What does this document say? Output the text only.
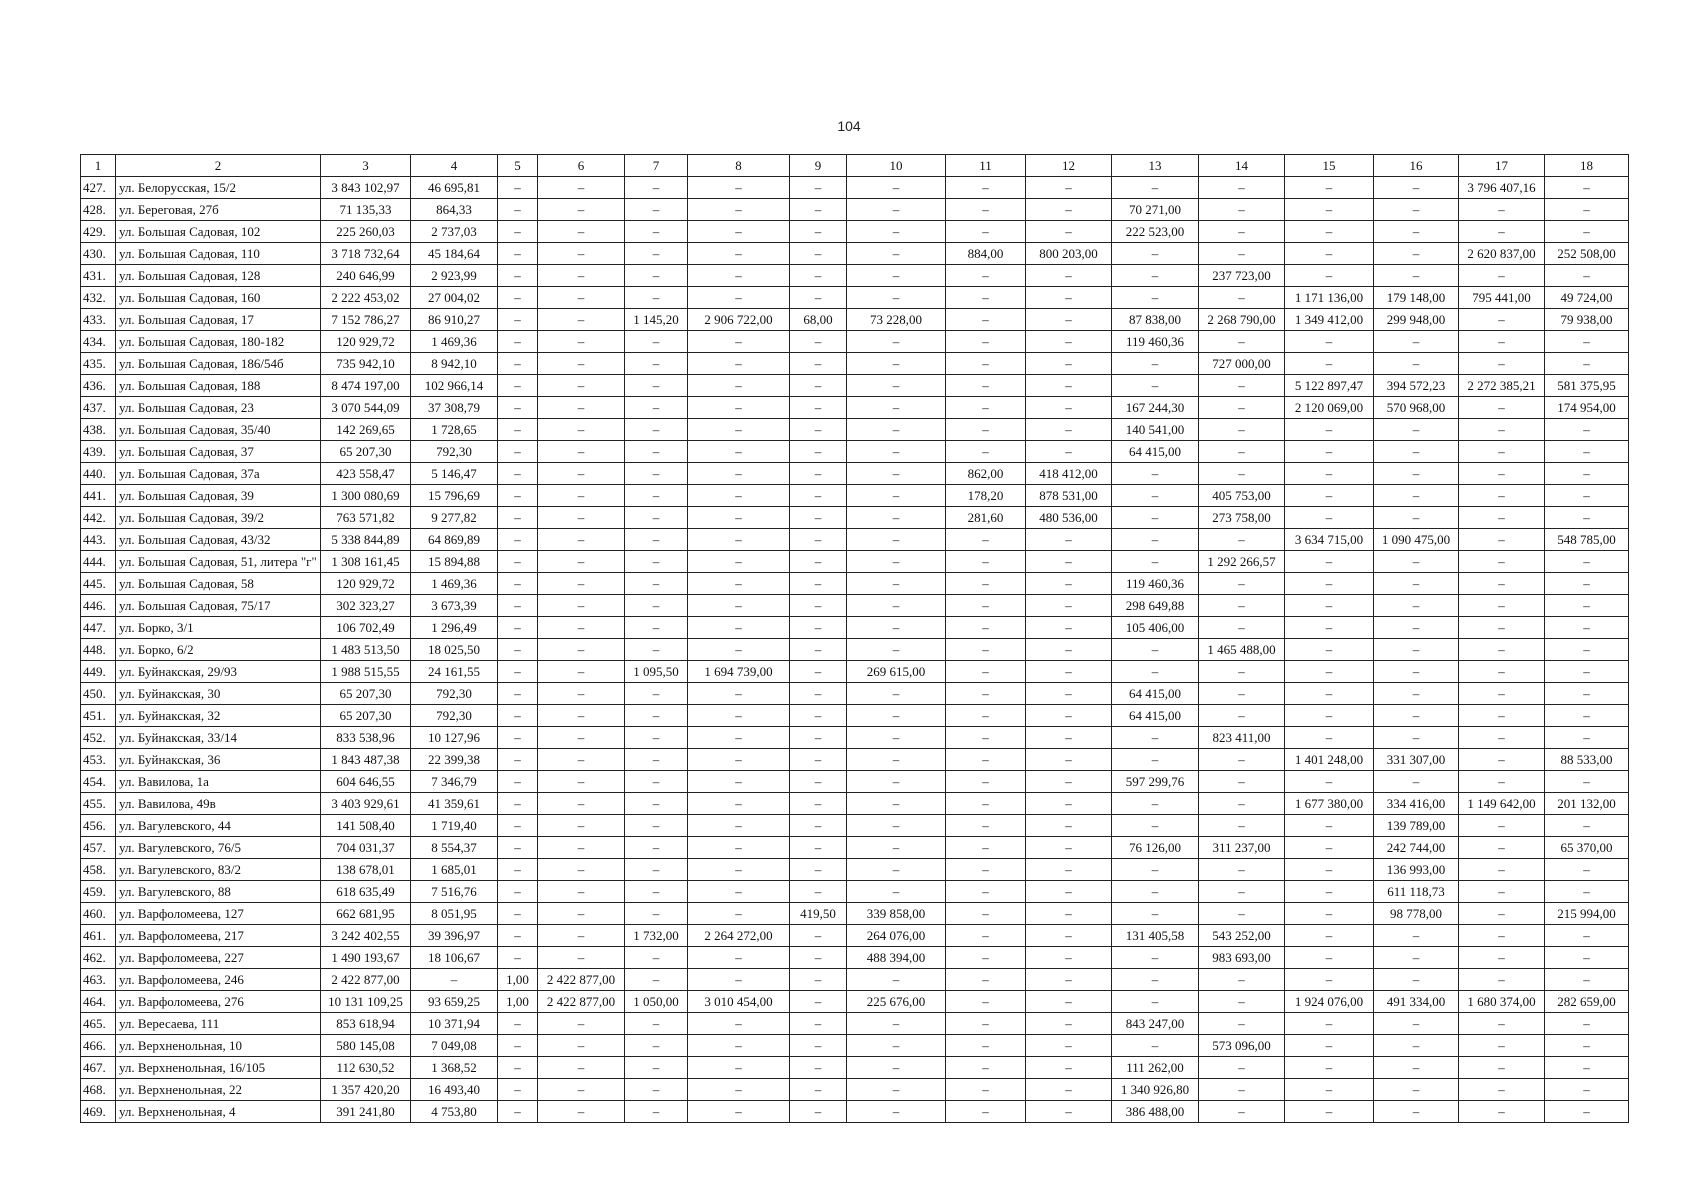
104
1	2	3	4	5	6	7	8	9	10	11	12	13	14	15	16	17	18
427.	ул. Белорусская, 15/2	3 843 102,97	46 695,81	–	–	–	–	–	–	–	–	–	–	–	–	3 796 407,16	–
428.	ул. Береговая, 27б	71 135,33	864,33	–	–	–	–	–	–	–	–	70 271,00	–	–	–	–	–
429.	ул. Большая Садовая, 102	225 260,03	2 737,03	–	–	–	–	–	–	–	–	222 523,00	–	–	–	–	–
430.	ул. Большая Садовая, 110	3 718 732,64	45 184,64	–	–	–	–	–	–	884,00	800 203,00	–	–	–	–	2 620 837,00	252 508,00
431.	ул. Большая Садовая, 128	240 646,99	2 923,99	–	–	–	–	–	–	–	–	–	237 723,00	–	–	–	–
432.	ул. Большая Садовая, 160	2 222 453,02	27 004,02	–	–	–	–	–	–	–	–	–	–	1 171 136,00	179 148,00	795 441,00	49 724,00
433.	ул. Большая Садовая, 17	7 152 786,27	86 910,27	–	–	1 145,20	2 906 722,00	68,00	73 228,00	–	–	87 838,00	2 268 790,00	1 349 412,00	299 948,00	–	79 938,00
434.	ул. Большая Садовая, 180-182	120 929,72	1 469,36	–	–	–	–	–	–	–	–	119 460,36	–	–	–	–	–
435.	ул. Большая Садовая, 186/54б	735 942,10	8 942,10	–	–	–	–	–	–	–	–	–	727 000,00	–	–	–	–
436.	ул. Большая Садовая, 188	8 474 197,00	102 966,14	–	–	–	–	–	–	–	–	–	–	5 122 897,47	394 572,23	2 272 385,21	581 375,95
437.	ул. Большая Садовая, 23	3 070 544,09	37 308,79	–	–	–	–	–	–	–	–	167 244,30	–	2 120 069,00	570 968,00	–	174 954,00
438.	ул. Большая Садовая, 35/40	142 269,65	1 728,65	–	–	–	–	–	–	–	–	140 541,00	–	–	–	–	–
439.	ул. Большая Садовая, 37	65 207,30	792,30	–	–	–	–	–	–	–	–	64 415,00	–	–	–	–	–
440.	ул. Большая Садовая, 37а	423 558,47	5 146,47	–	–	–	–	–	–	862,00	418 412,00	–	–	–	–	–	–
441.	ул. Большая Садовая, 39	1 300 080,69	15 796,69	–	–	–	–	–	–	178,20	878 531,00	–	405 753,00	–	–	–	–
442.	ул. Большая Садовая, 39/2	763 571,82	9 277,82	–	–	–	–	–	–	281,60	480 536,00	–	273 758,00	–	–	–	–
443.	ул. Большая Садовая, 43/32	5 338 844,89	64 869,89	–	–	–	–	–	–	–	–	–	–	3 634 715,00	1 090 475,00	–	548 785,00
444.	ул. Большая Садовая, 51, литера "г"	1 308 161,45	15 894,88	–	–	–	–	–	–	–	–	–	1 292 266,57	–	–	–	–
445.	ул. Большая Садовая, 58	120 929,72	1 469,36	–	–	–	–	–	–	–	–	119 460,36	–	–	–	–	–
446.	ул. Большая Садовая, 75/17	302 323,27	3 673,39	–	–	–	–	–	–	–	–	298 649,88	–	–	–	–	–
447.	ул. Борко, 3/1	106 702,49	1 296,49	–	–	–	–	–	–	–	–	105 406,00	–	–	–	–	–
448.	ул. Борко, 6/2	1 483 513,50	18 025,50	–	–	–	–	–	–	–	–	–	1 465 488,00	–	–	–	–
449.	ул. Буйнакская, 29/93	1 988 515,55	24 161,55	–	–	1 095,50	1 694 739,00	–	269 615,00	–	–	–	–	–	–	–	–
450.	ул. Буйнакская, 30	65 207,30	792,30	–	–	–	–	–	–	–	–	64 415,00	–	–	–	–	–
451.	ул. Буйнакская, 32	65 207,30	792,30	–	–	–	–	–	–	–	–	64 415,00	–	–	–	–	–
452.	ул. Буйнакская, 33/14	833 538,96	10 127,96	–	–	–	–	–	–	–	–	–	823 411,00	–	–	–	–
453.	ул. Буйнакская, 36	1 843 487,38	22 399,38	–	–	–	–	–	–	–	–	–	–	1 401 248,00	331 307,00	–	88 533,00
454.	ул. Вавилова, 1а	604 646,55	7 346,79	–	–	–	–	–	–	–	–	597 299,76	–	–	–	–	–
455.	ул. Вавилова, 49в	3 403 929,61	41 359,61	–	–	–	–	–	–	–	–	–	–	1 677 380,00	334 416,00	1 149 642,00	201 132,00
456.	ул. Вагулевского, 44	141 508,40	1 719,40	–	–	–	–	–	–	–	–	–	–	–	139 789,00	–	–
457.	ул. Вагулевского, 76/5	704 031,37	8 554,37	–	–	–	–	–	–	–	–	76 126,00	311 237,00	–	242 744,00	–	65 370,00
458.	ул. Вагулевского, 83/2	138 678,01	1 685,01	–	–	–	–	–	–	–	–	–	–	–	136 993,00	–	–
459.	ул. Вагулевского, 88	618 635,49	7 516,76	–	–	–	–	–	–	–	–	–	–	–	611 118,73	–	–
460.	ул. Варфоломеева, 127	662 681,95	8 051,95	–	–	–	–	419,50	339 858,00	–	–	–	–	–	98 778,00	–	215 994,00
461.	ул. Варфоломеева, 217	3 242 402,55	39 396,97	–	–	1 732,00	2 264 272,00	–	264 076,00	–	–	131 405,58	543 252,00	–	–	–	–
462.	ул. Варфоломеева, 227	1 490 193,67	18 106,67	–	–	–	–	–	488 394,00	–	–	–	983 693,00	–	–	–	–
463.	ул. Варфоломеева, 246	2 422 877,00	–	1,00	2 422 877,00	–	–	–	–	–	–	–	–	–	–	–	–
464.	ул. Варфоломеева, 276	10 131 109,25	93 659,25	1,00	2 422 877,00	1 050,00	3 010 454,00	–	225 676,00	–	–	–	–	1 924 076,00	491 334,00	1 680 374,00	282 659,00
465.	ул. Вересаева, 111	853 618,94	10 371,94	–	–	–	–	–	–	–	–	843 247,00	–	–	–	–	–
466.	ул. Верхненольная, 10	580 145,08	7 049,08	–	–	–	–	–	–	–	–	–	573 096,00	–	–	–	–
467.	ул. Верхненольная, 16/105	112 630,52	1 368,52	–	–	–	–	–	–	–	–	111 262,00	–	–	–	–	–
468.	ул. Верхненольная, 22	1 357 420,20	16 493,40	–	–	–	–	–	–	–	–	1 340 926,80	–	–	–	–	–
469.	ул. Верхненольная, 4	391 241,80	4 753,80	–	–	–	–	–	–	–	–	386 488,00	–	–	–	–	–
